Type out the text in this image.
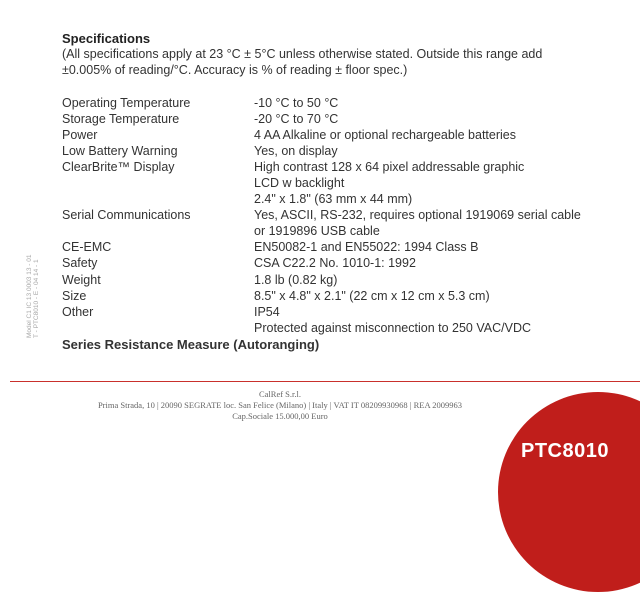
Specifications
(All specifications apply at 23 °C ± 5°C unless otherwise stated. Outside this range add
±0.005% of reading/°C. Accuracy is % of reading ± floor spec.)
Operating Temperature	-10 °C to 50 °C
Storage Temperature	-20 °C to 70 °C
Power	4 AA Alkaline or optional rechargeable batteries
Low Battery Warning	Yes, on display
ClearBrite™ Display	High contrast 128 x 64 pixel addressable graphic
LCD w backlight
2.4" x 1.8" (63 mm x 44 mm)
Serial Communications	Yes, ASCII, RS-232, requires optional 1919069 serial cable
or 1919896 USB cable
CE-EMC	EN50082-1 and EN55022: 1994 Class B
Safety	CSA C22.2 No. 1010-1: 1992
Weight	1.8 lb (0.82 kg)
Size	8.5" x 4.8" x 2.1" (22 cm x 12 cm x 5.3 cm)
Other	IP54
Protected against misconnection to 250 VAC/VDC
Series Resistance Measure (Autoranging)
Model C1 IC 13 0003 13 - 01 T - PTC8010 - E - 04 14 - 1
CalRef S.r.l.
Prima Strada, 10 | 20090 SEGRATE loc. San Felice (Milano) | Italy | VAT IT 08209930968 | REA 2009963
Cap.Sociale 15.000,00 Euro
PTC8010
